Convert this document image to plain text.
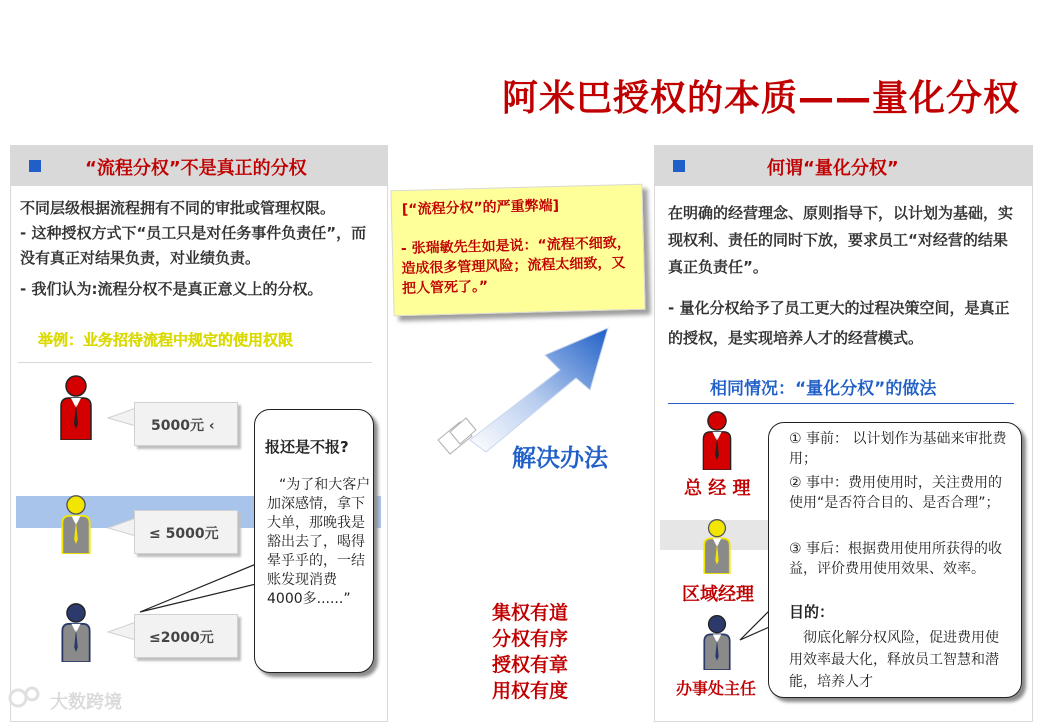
阿米巴授权的本质——量化分权
“流程分权”不是真正的分权
不同层级根据流程拥有不同的审批或管理权限。
- 这种授权方式下“员工只是对任务事件负责任”，而没有真正对结果负责，对业绩负责。
- 我们认为:流程分权不是真正意义上的分权。
举例：业务招待流程中规定的使用权限
5000元 ‹
≤ 5000元
≤2000元
报还是不报?
“为了和大客户加深感情，拿下大单，那晚我是豁出去了，喝得晕乎乎的，一结账发现消费4000多......”
[“流程分权”的严重弊端]
- 张瑞敏先生如是说：“流程不细致，造成很多管理风险；流程太细致，又把人管死了。”
解决办法
集权有道
分权有序
授权有章
用权有度
何谓“量化分权”
在明确的经营理念、原则指导下，以计划为基础，实现权利、责任的同时下放，要求员工“对经营的结果真正负责任”。
- 量化分权给予了员工更大的过程决策空间，是真正的授权，是实现培养人才的经营模式。
相同情况：“量化分权”的做法
总 经 理
区域经理
办事处主任
① 事前： 以计划作为基础来审批费用；
② 事中：费用使用时，关注费用的使用“是否符合目的、是否合理”；
③ 事后：根据费用使用所获得的收益，评价费用使用效果、效率。
目的：
彻底化解分权风险，促进费用使用效率最大化，释放员工智慧和潜能，培养人才
大数跨境
